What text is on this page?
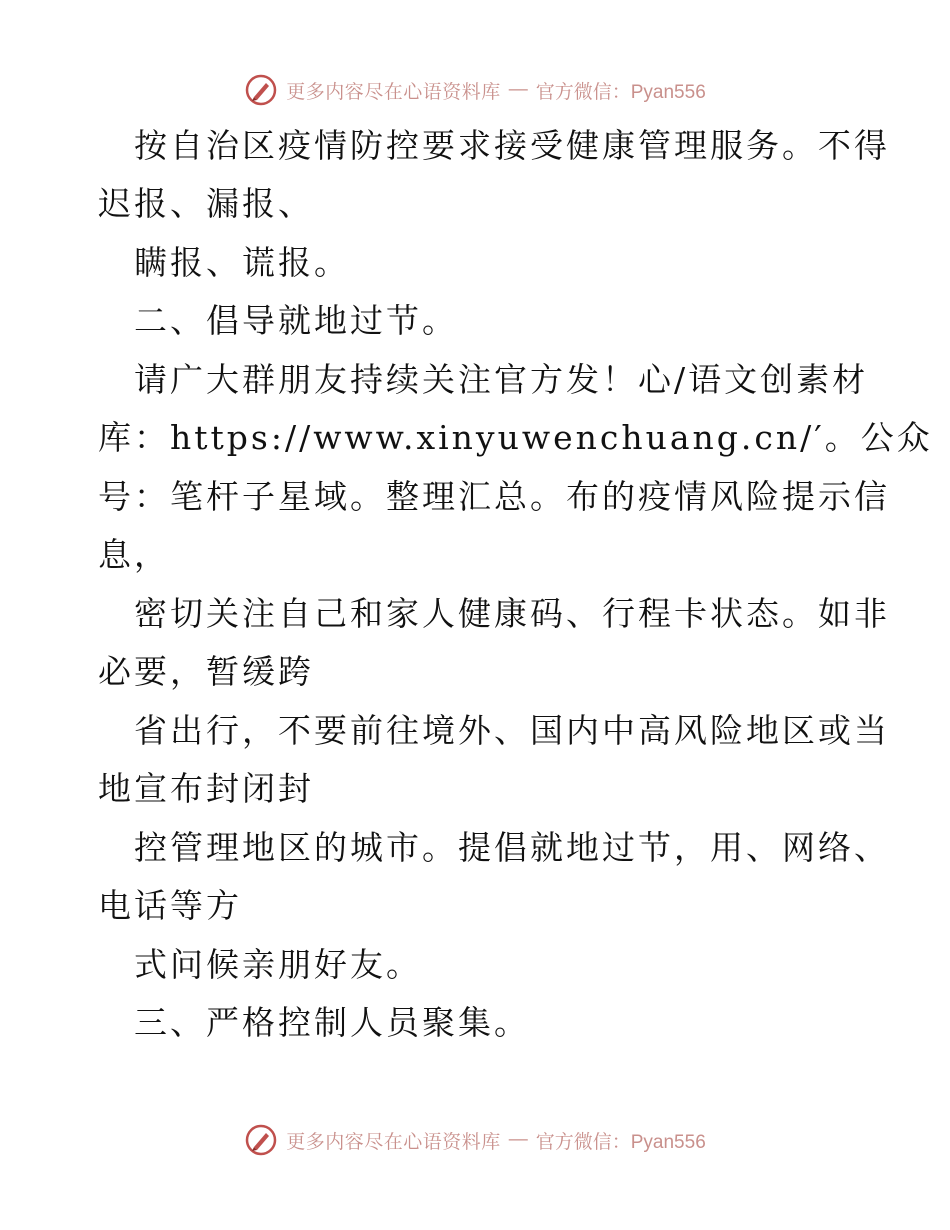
更多内容尽在心语资料库 — 官方微信：Pyan556
按自治区疫情防控要求接受健康管理服务。不得
迟报、漏报、
瞒报、谎报。
二、倡导就地过节。
请广大群朋友持续关注官方发！心/语文创素材
库：https://www.xinyuwenchuang.cn/′。公众
号：笔杆子星域。整理汇总。布的疫情风险提示信
息，
密切关注自己和家人健康码、行程卡状态。如非
必要，暂缓跨
省出行，不要前往境外、国内中高风险地区或当
地宣布封闭封
控管理地区的城市。提倡就地过节，用、网络、
电话等方
式问候亲朋好友。
三、严格控制人员聚集。
更多内容尽在心语资料库 — 官方微信：Pyan556
